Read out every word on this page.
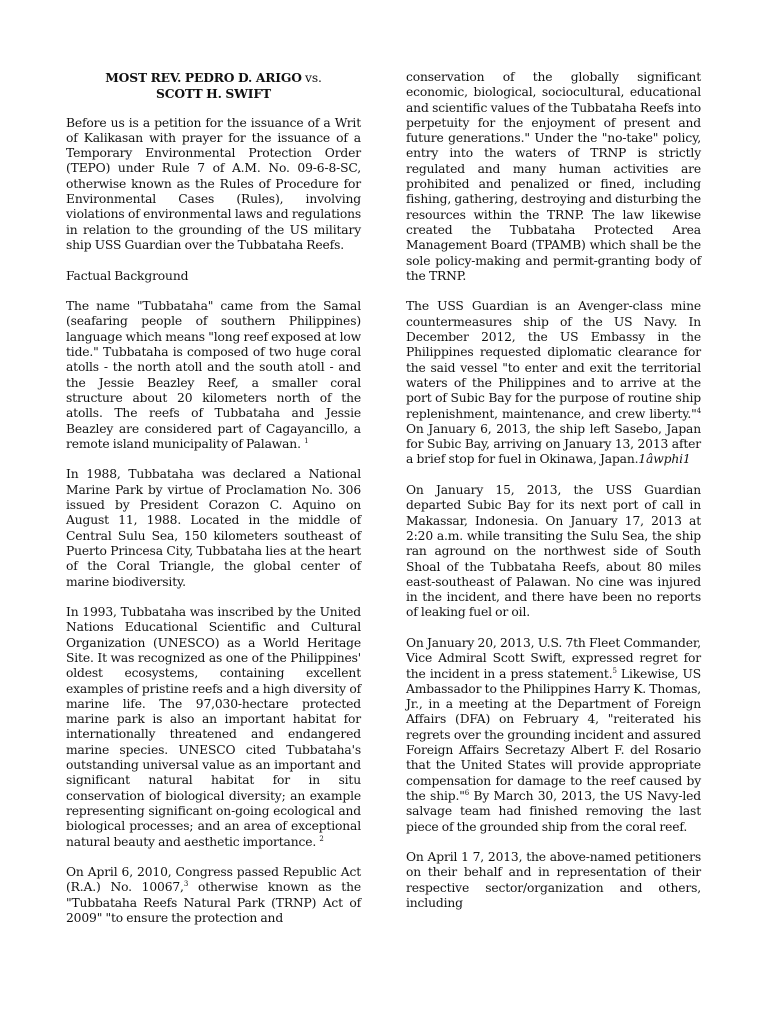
MOST REV. PEDRO D. ARIGO vs.
SCOTT H. SWIFT

Before us is a petition for the issuance of a Writ of Kalikasan with prayer for the issuance of a Temporary Environmental Protection Order (TEPO) under Rule 7 of A.M. No. 09-6-8-SC, otherwise known as the Rules of Procedure for Environmental Cases (Rules), involving violations of environmental laws and regulations in relation to the grounding of the US military ship USS Guardian over the Tubbataha Reefs.

Factual Background

The name "Tubbataha" came from the Samal (seafaring people of southern Philippines) language which means "long reef exposed at low tide." Tubbataha is composed of two huge coral atolls - the north atoll and the south atoll - and the Jessie Beazley Reef, a smaller coral structure about 20 kilometers north of the atolls. The reefs of Tubbataha and Jessie Beazley are considered part of Cagayancillo, a remote island municipality of Palawan. $^1$

In 1988, Tubbataha was declared a National Marine Park by virtue of Proclamation No. 306 issued by President Corazon C. Aquino on August 11, 1988. Located in the middle of Central Sulu Sea, 150 kilometers southeast of Puerto Princesa City, Tubbataha lies at the heart of the Coral Triangle, the global center of marine biodiversity.

In 1993, Tubbataha was inscribed by the United Nations Educational Scientific and Cultural Organization (UNESCO) as a World Heritage Site. It was recognized as one of the Philippines' oldest ecosystems, containing excellent examples of pristine reefs and a high diversity of marine life. The 97,030-hectare protected marine park is also an important habitat for internationally threatened and endangered marine species. UNESCO cited Tubbataha's outstanding universal value as an important and significant natural habitat for in situ conservation of biological diversity; an example representing significant on-going ecological and biological processes; and an area of exceptional natural beauty and aesthetic importance. $^2$

On April 6, 2010, Congress passed Republic Act (R.A.) No. 10067,$^3$ otherwise known as the "Tubbataha Reefs Natural Park (TRNP) Act of 2009" "to ensure the protection and

conservation of the globally significant economic, biological, sociocultural, educational and scientific values of the Tubbataha Reefs into perpetuity for the enjoyment of present and future generations." Under the "no-take" policy, entry into the waters of TRNP is strictly regulated and many human activities are prohibited and penalized or fined, including fishing, gathering, destroying and disturbing the resources within the TRNP. The law likewise created the Tubbataha Protected Area Management Board (TPAMB) which shall be the sole policy-making and permit-granting body of the TRNP.

The USS Guardian is an Avenger-class mine countermeasures ship of the US Navy. In December 2012, the US Embassy in the Philippines requested diplomatic clearance for the said vessel "to enter and exit the territorial waters of the Philippines and to arrive at the port of Subic Bay for the purpose of routine ship replenishment, maintenance, and crew liberty."$^4$ On January 6, 2013, the ship left Sasebo, Japan for Subic Bay, arriving on January 13, 2013 after a brief stop for fuel in Okinawa, Japan.1âwphi1

On January 15, 2013, the USS Guardian departed Subic Bay for its next port of call in Makassar, Indonesia. On January 17, 2013 at 2:20 a.m. while transiting the Sulu Sea, the ship ran aground on the northwest side of South Shoal of the Tubbataha Reefs, about 80 miles east-southeast of Palawan. No cine was injured in the incident, and there have been no reports of leaking fuel or oil.

On January 20, 2013, U.S. 7th Fleet Commander, Vice Admiral Scott Swift, expressed regret for the incident in a press statement.$^5$ Likewise, US Ambassador to the Philippines Harry K. Thomas, Jr., in a meeting at the Department of Foreign Affairs (DFA) on February 4, "reiterated his regrets over the grounding incident and assured Foreign Affairs Secretazy Albert F. del Rosario that the United States will provide appropriate compensation for damage to the reef caused by the ship."$^6$ By March 30, 2013, the US Navy-led salvage team had finished removing the last piece of the grounded ship from the coral reef.

On April 1 7, 2013, the above-named petitioners on their behalf and in representation of their respective sector/organization and others, including
